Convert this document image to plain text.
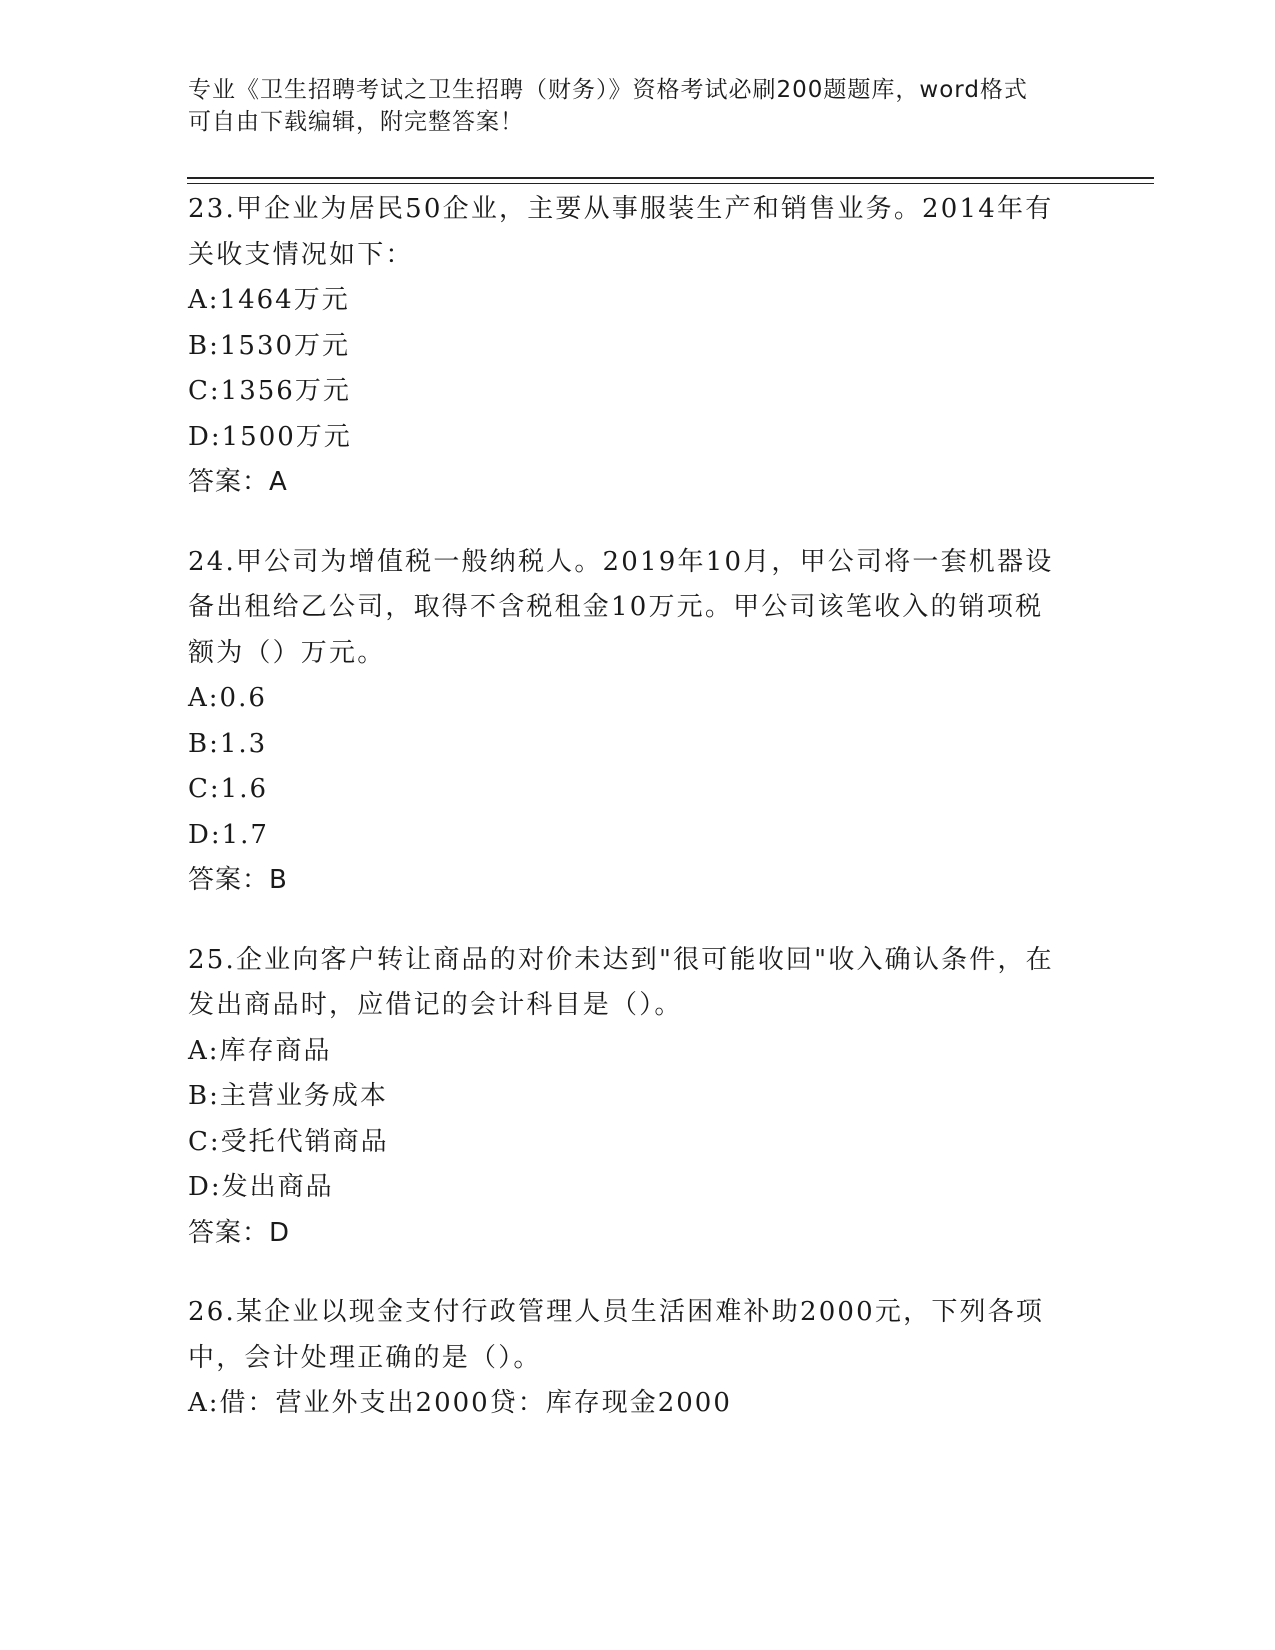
专业《卫生招聘考试之卫生招聘（财务）》资格考试必刷200题题库，word格式
可自由下载编辑，附完整答案！
23.甲企业为居民50企业，主要从事服装生产和销售业务。2014年有关收支情况如下：
A:1464万元
B:1530万元
C:1356万元
D:1500万元
答案：A
24.甲公司为增值税一般纳税人。2019年10月，甲公司将一套机器设备出租给乙公司，取得不含税租金10万元。甲公司该笔收入的销项税额为（）万元。
A:0.6
B:1.3
C:1.6
D:1.7
答案：B
25.企业向客户转让商品的对价未达到"很可能收回"收入确认条件，在发出商品时，应借记的会计科目是（）。
A:库存商品
B:主营业务成本
C:受托代销商品
D:发出商品
答案：D
26.某企业以现金支付行政管理人员生活困难补助2000元，下列各项中，会计处理正确的是（）。
A:借：营业外支出2000贷：库存现金2000
